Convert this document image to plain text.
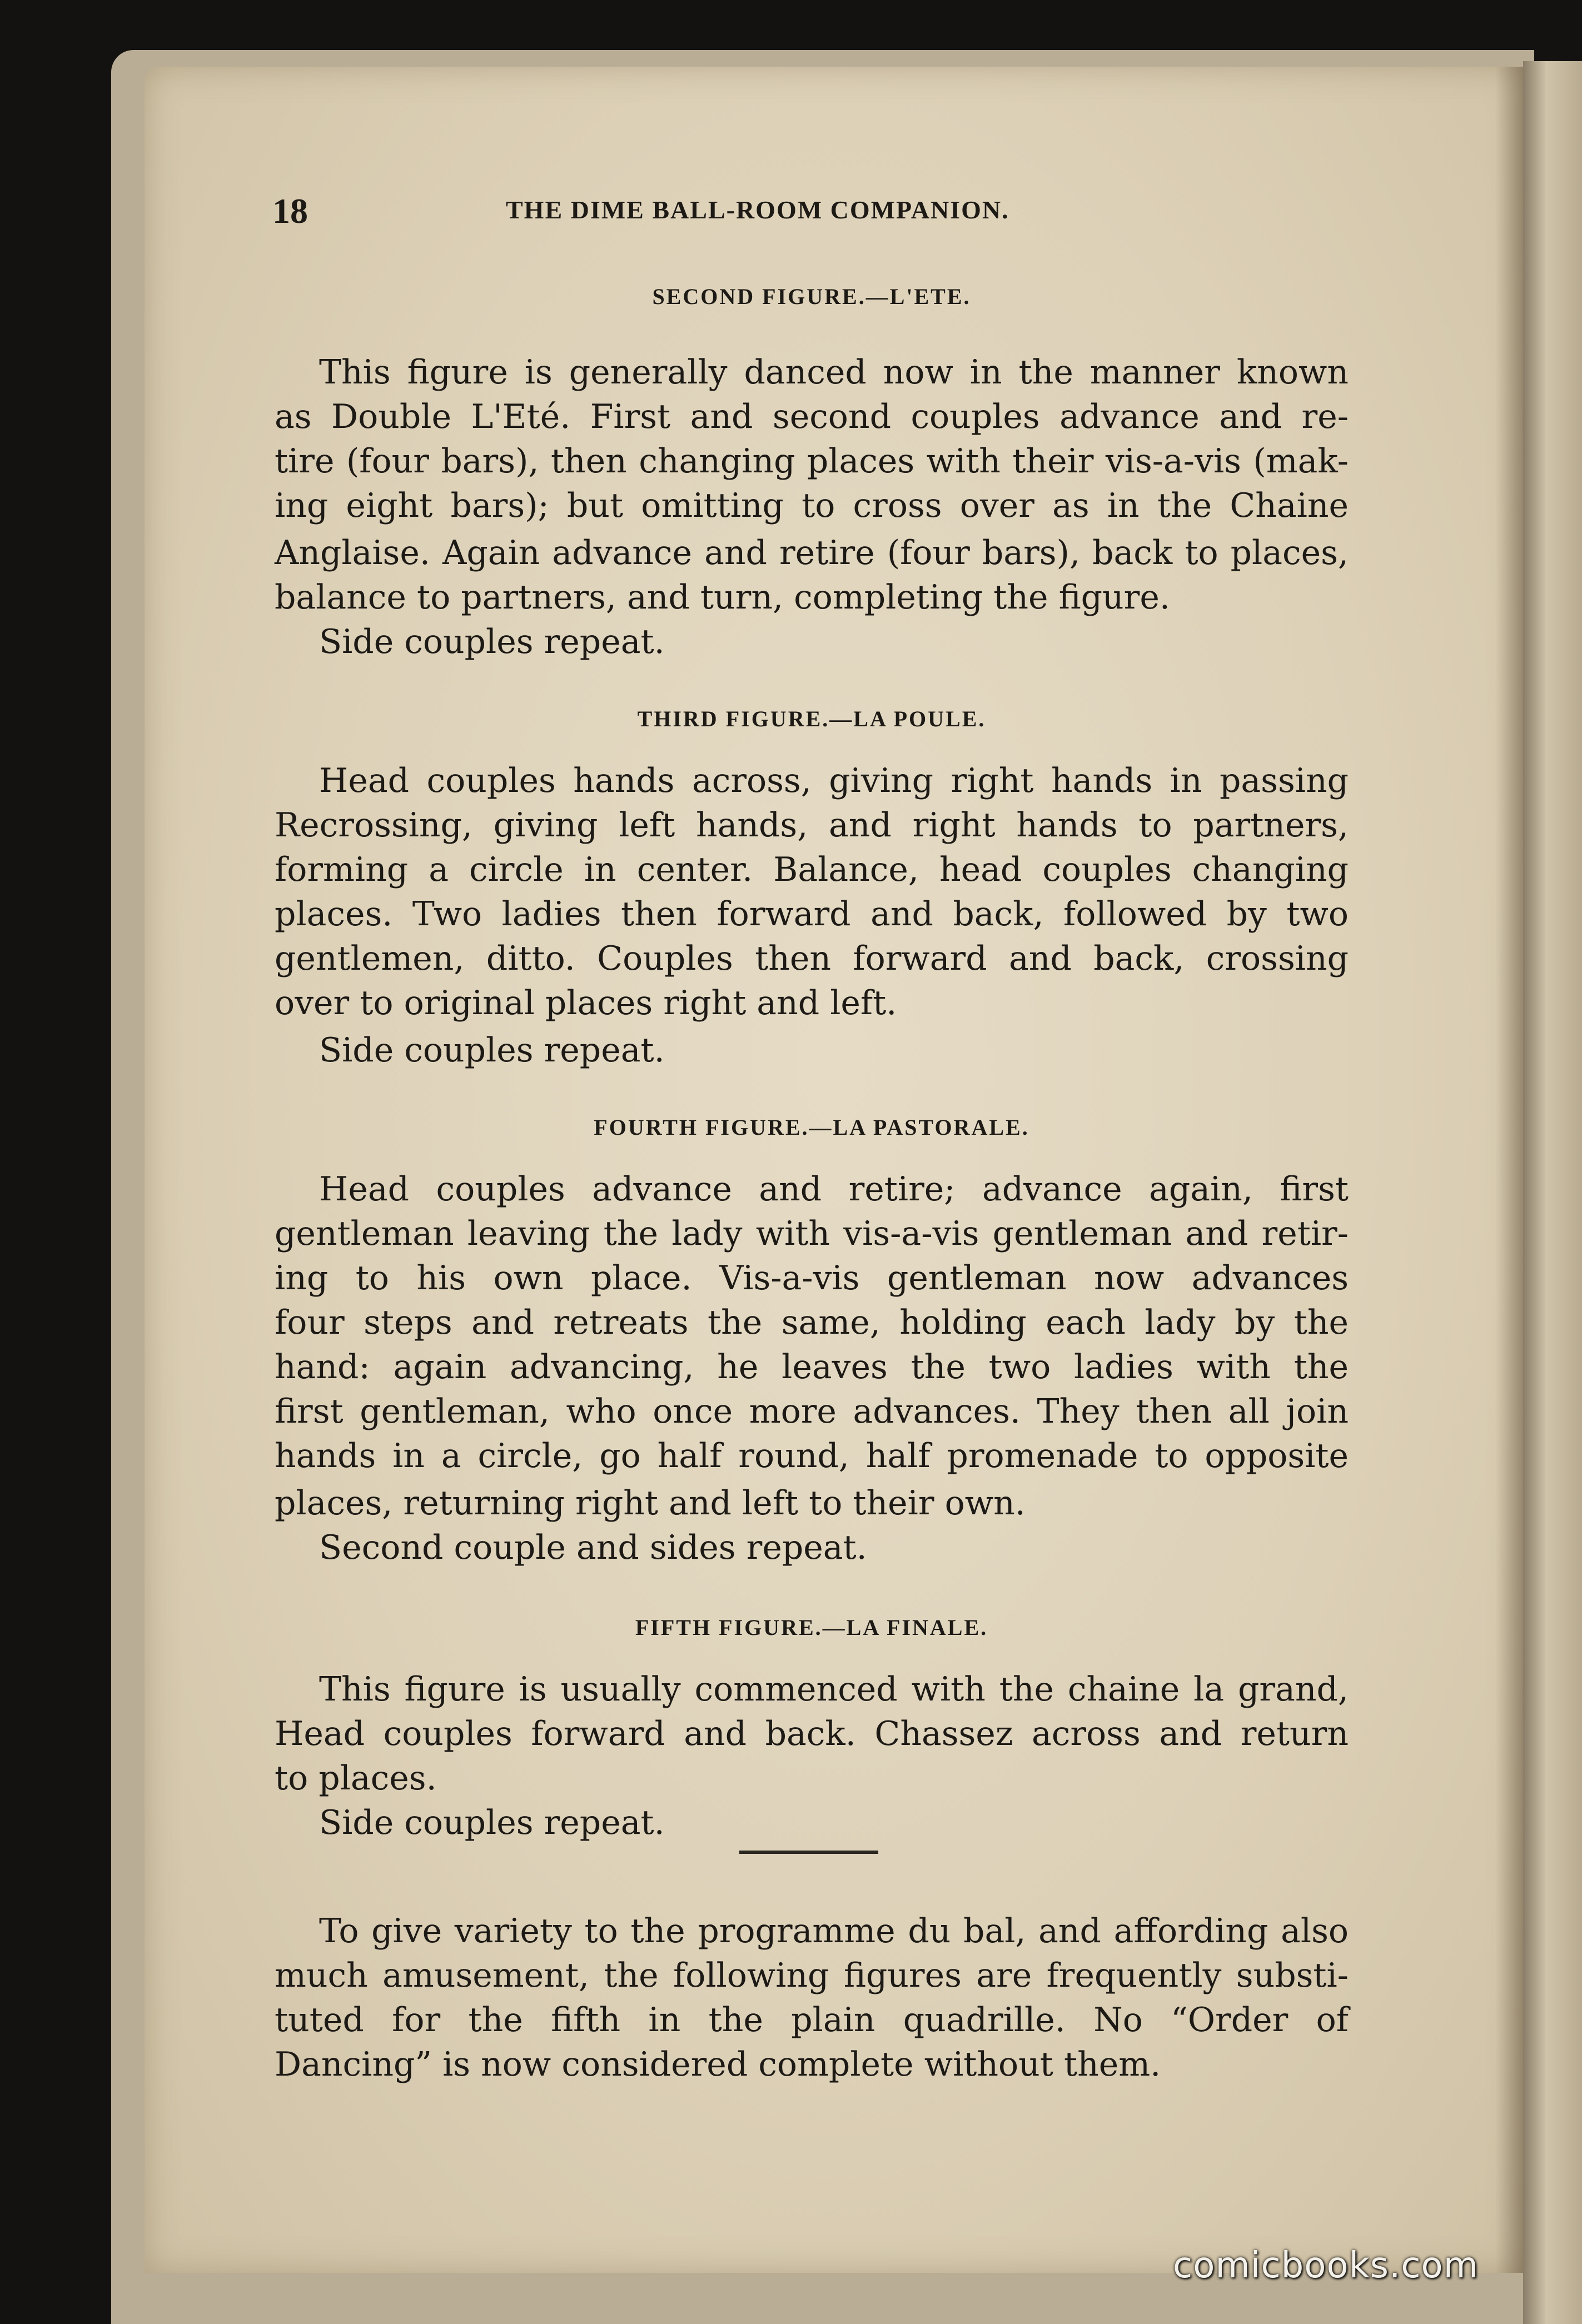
18	THE DIME BALL-ROOM COMPANION.

SECOND FIGURE.—L'ETE.

This figure is generally danced now in the manner known

as Double L'Eté. First and second couples advance and re-

tire (four bars), then changing places with their vis-a-vis (mak-

ing eight bars); but omitting to cross over as in the Chaine

Anglaise. Again advance and retire (four bars), back to places,

balance to partners, and turn, completing the figure.

Side couples repeat.

THIRD FIGURE.—LA POULE.

Head couples hands across, giving right hands in passing

Recrossing, giving left hands, and right hands to partners,

forming a circle in center. Balance, head couples changing

places. Two ladies then forward and back, followed by two

gentlemen, ditto. Couples then forward and back, crossing

over to original places right and left.

Side couples repeat.

FOURTH FIGURE.—LA PASTORALE.

Head couples advance and retire; advance again, first

gentleman leaving the lady with vis-a-vis gentleman and retir-

ing to his own place. Vis-a-vis gentleman now advances

four steps and retreats the same, holding each lady by the

hand: again advancing, he leaves the two ladies with the

first gentleman, who once more advances. They then all join

hands in a circle, go half round, half promenade to opposite

places, returning right and left to their own.

Second couple and sides repeat.

FIFTH FIGURE.—LA FINALE.

This figure is usually commenced with the chaine la grand,

Head couples forward and back. Chassez across and return

to places.

Side couples repeat.

To give variety to the programme du bal, and affording also

much amusement, the following figures are frequently substi-

tuted for the fifth in the plain quadrille. No “Order of

Dancing” is now considered complete without them.

comicbooks.com
